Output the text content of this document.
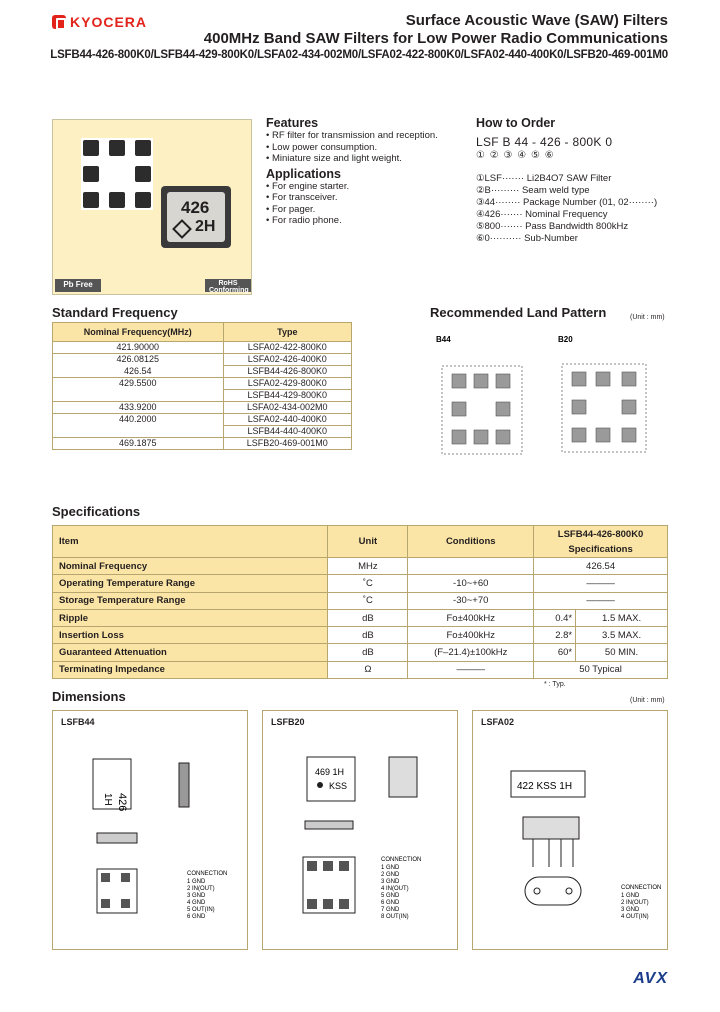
KYOCERA	Surface Acoustic Wave (SAW) Filters
400MHz Band SAW Filters for Low Power Radio Communications
LSFB44-426-800K0/LSFB44-429-800K0/LSFA02-434-002M0/LSFA02-422-800K0/LSFA02-440-400K0/LSFB20-469-001M0
426
2H
Pb Free	RoHS Conforming
Features
• RF filter for transmission and reception.
• Low power consumption.
• Miniature size and light weight.
Applications
• For engine starter.
• For transceiver.
• For pager.
• For radio phone.
How to Order
LSF B 44 - 426 - 800K 0
① ② ③ ④ ⑤ ⑥
①LSF······· Li2B4O7 SAW Filter
②B········· Seam weld type
③44········ Package Number (01, 02········)
④426······· Nominal Frequency
⑤800······· Pass Bandwidth 800kHz
⑥0·········· Sub-Number
Standard Frequency
Nominal Frequency(MHz)	Type
421.90000	LSFA02-422-800K0
426.08125	LSFA02-426-400K0
426.54	LSFB44-426-800K0
429.5500	LSFA02-429-800K0
	LSFB44-429-800K0
433.9200	LSFA02-434-002M0
440.2000	LSFA02-440-400K0
	LSFB44-440-400K0
469.1875	LSFB20-469-001M0
Recommended Land Pattern	(Unit : mm)
B44	B20
Specifications
Item	Unit	Conditions	LSFB44-426-800K0
Specifications	

Nominal Frequency	MHz		426.54	
Operating Temperature Range	˚C	-10~+60	———	
Storage Temperature Range	˚C	-30~+70	———	
Ripple	dB	Fo±400kHz	0.4*	1.5 MAX.
Insertion Loss	dB	Fo±400kHz	2.8*	3.5 MAX.
Guaranteed Attenuation	dB	(F–21.4)±100kHz	60*	50 MIN.
Terminating Impedance	Ω	———	50 Typical	
* : Typ.
(Unit : mm)
Dimensions
LSFB44
426
1H
CONNECTION
1 GND
2 IN(OUT)
3 GND
4 GND
5 OUT(IN)
6 GND
LSFB20
469 1H
KSS
CONNECTION
1 GND
2 GND
3 GND
4 IN(OUT)
5 GND
6 GND
7 GND
8 OUT(IN)
LSFA02
422 KSS 1H
CONNECTION
1 GND
2 IN(OUT)
3 GND
4 OUT(IN)
AVX
